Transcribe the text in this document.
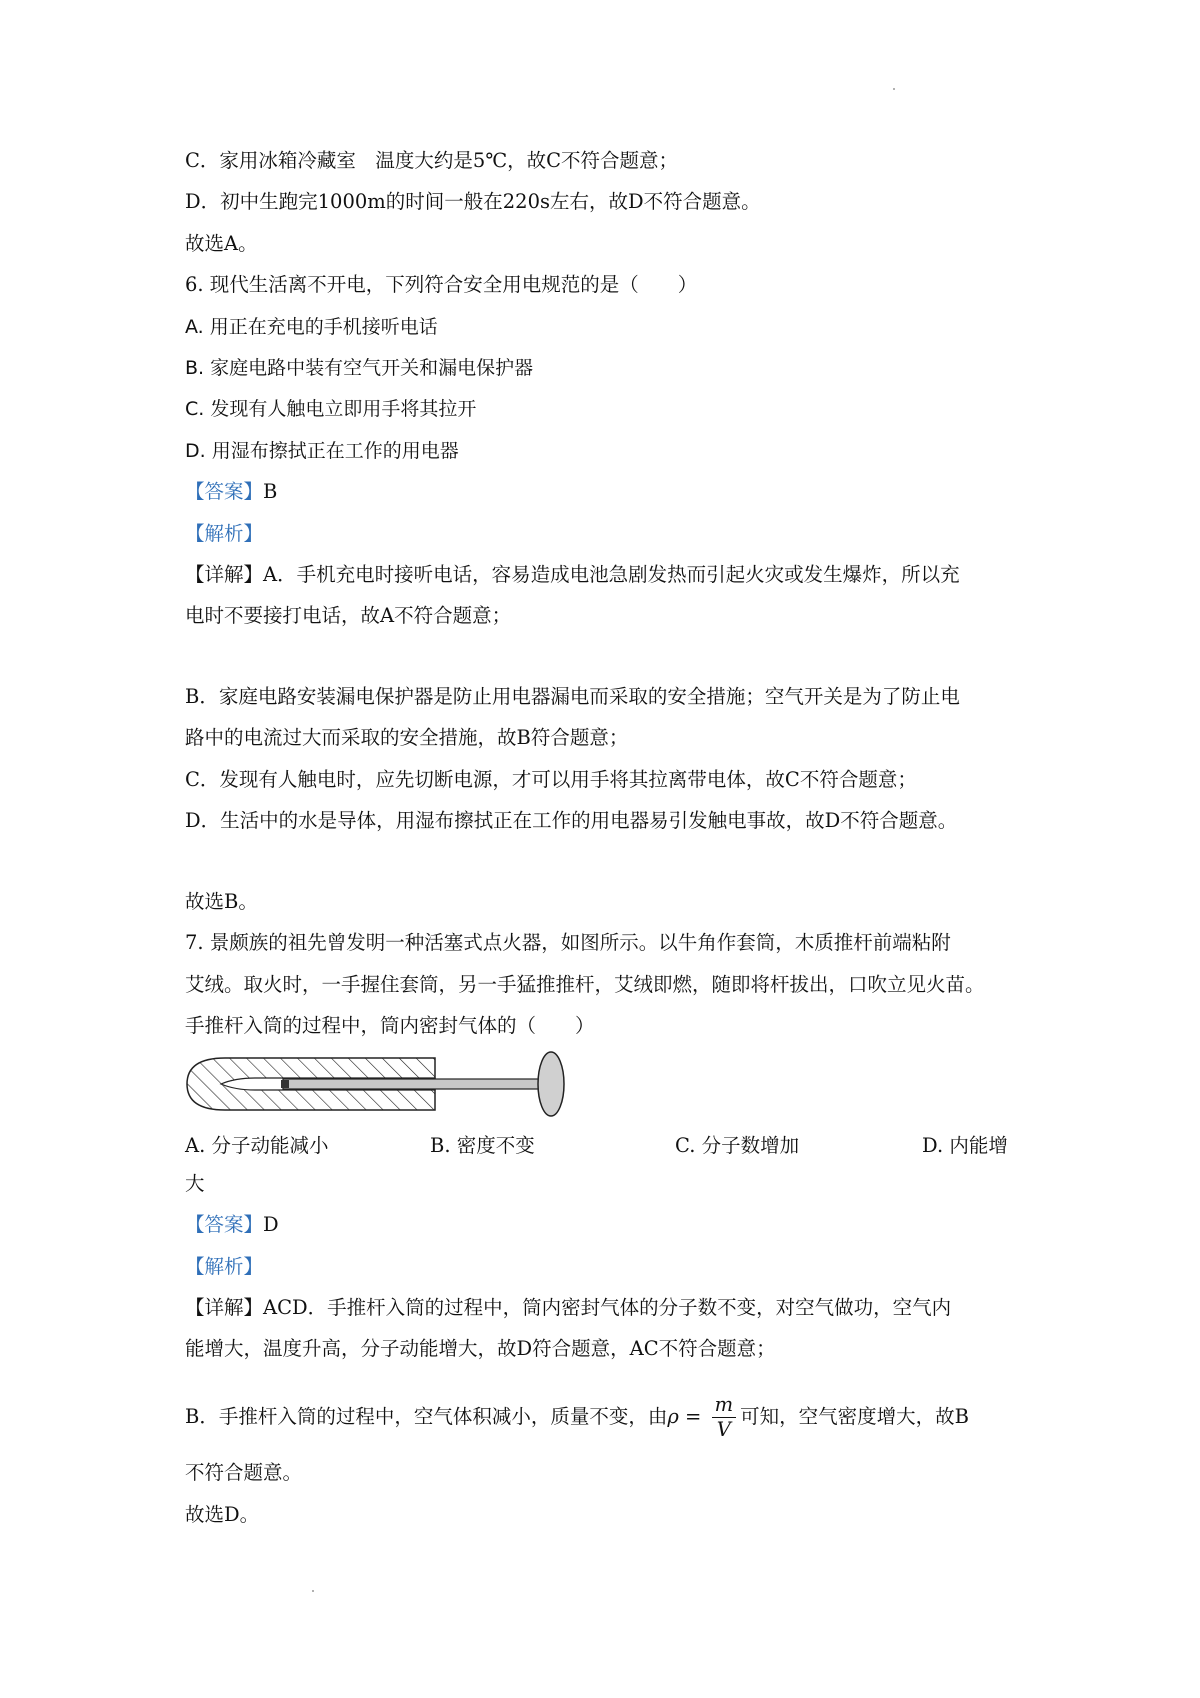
C．家用冰箱冷藏室　温度大约是5℃，故C不符合题意；
D．初中生跑完1000m的时间一般在220s左右，故D不符合题意。
故选A。
6. 现代生活离不开电，下列符合安全用电规范的是（　　）
A. 用正在充电的手机接听电话
B. 家庭电路中装有空气开关和漏电保护器
C. 发现有人触电立即用手将其拉开
D. 用湿布擦拭正在工作的用电器
【答案】B
【解析】
【详解】A．手机充电时接听电话，容易造成电池急剧发热而引起火灾或发生爆炸，所以充
电时不要接打电话，故A不符合题意；
B．家庭电路安装漏电保护器是防止用电器漏电而采取的安全措施；空气开关是为了防止电
路中的电流过大而采取的安全措施，故B符合题意；
C．发现有人触电时，应先切断电源，才可以用手将其拉离带电体，故C不符合题意；
D．生活中的水是导体，用湿布擦拭正在工作的用电器易引发触电事故，故D不符合题意。
故选B。
7. 景颇族的祖先曾发明一种活塞式点火器，如图所示。以牛角作套筒，木质推杆前端粘附
艾绒。取火时，一手握住套筒，另一手猛推推杆，艾绒即燃，随即将杆拔出，口吹立见火苗。
手推杆入筒的过程中，筒内密封气体的（　　）
A. 分子动能减小	B. 密度不变	C. 分子数增加	D. 内能增
大
【答案】D
【解析】
【详解】ACD．手推杆入筒的过程中，筒内密封气体的分子数不变，对空气做功，空气内
能增大，温度升高，分子动能增大，故D符合题意，AC不符合题意；
B．手推杆入筒的过程中，空气体积减小，质量不变，由$\rho = \frac{m}{V}$ 可知，空气密度增大，故B
不符合题意。
故选D。
